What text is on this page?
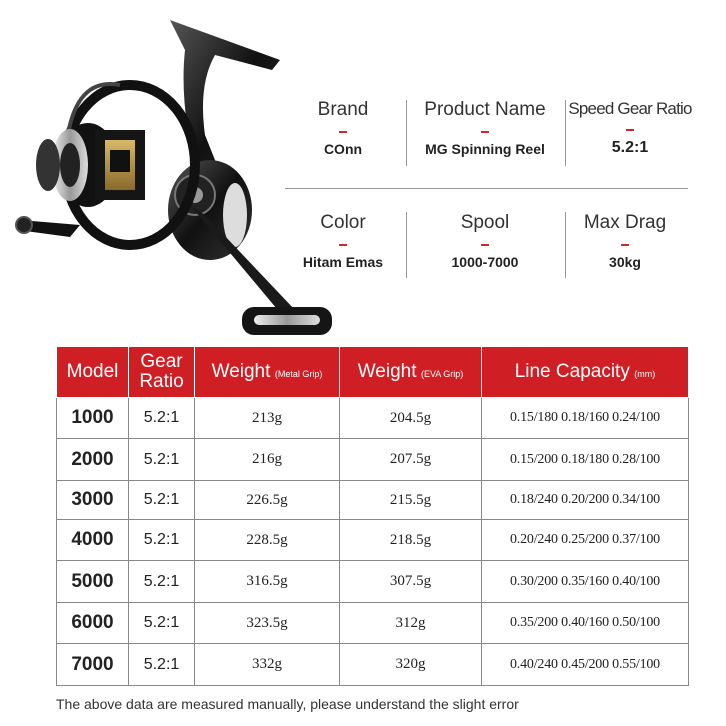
Brand
COnn
Product Name
MG Spinning Reel
Speed Gear Ratio
5.2:1
Color
Hitam Emas
Spool
1000-7000
Max Drag
30kg
Model	Gear Ratio	Weight (Metal Grip)	Weight (EVA Grip)	Line Capacity (mm)
1000	5.2:1	213g	204.5g	0.15/180 0.18/160 0.24/100
2000	5.2:1	216g	207.5g	0.15/200 0.18/180 0.28/100
3000	5.2:1	226.5g	215.5g	0.18/240 0.20/200 0.34/100
4000	5.2:1	228.5g	218.5g	0.20/240 0.25/200 0.37/100
5000	5.2:1	316.5g	307.5g	0.30/200 0.35/160 0.40/100
6000	5.2:1	323.5g	312g	0.35/200 0.40/160 0.50/100
7000	5.2:1	332g	320g	0.40/240 0.45/200 0.55/100
The above data are measured manually, please understand the slight error
